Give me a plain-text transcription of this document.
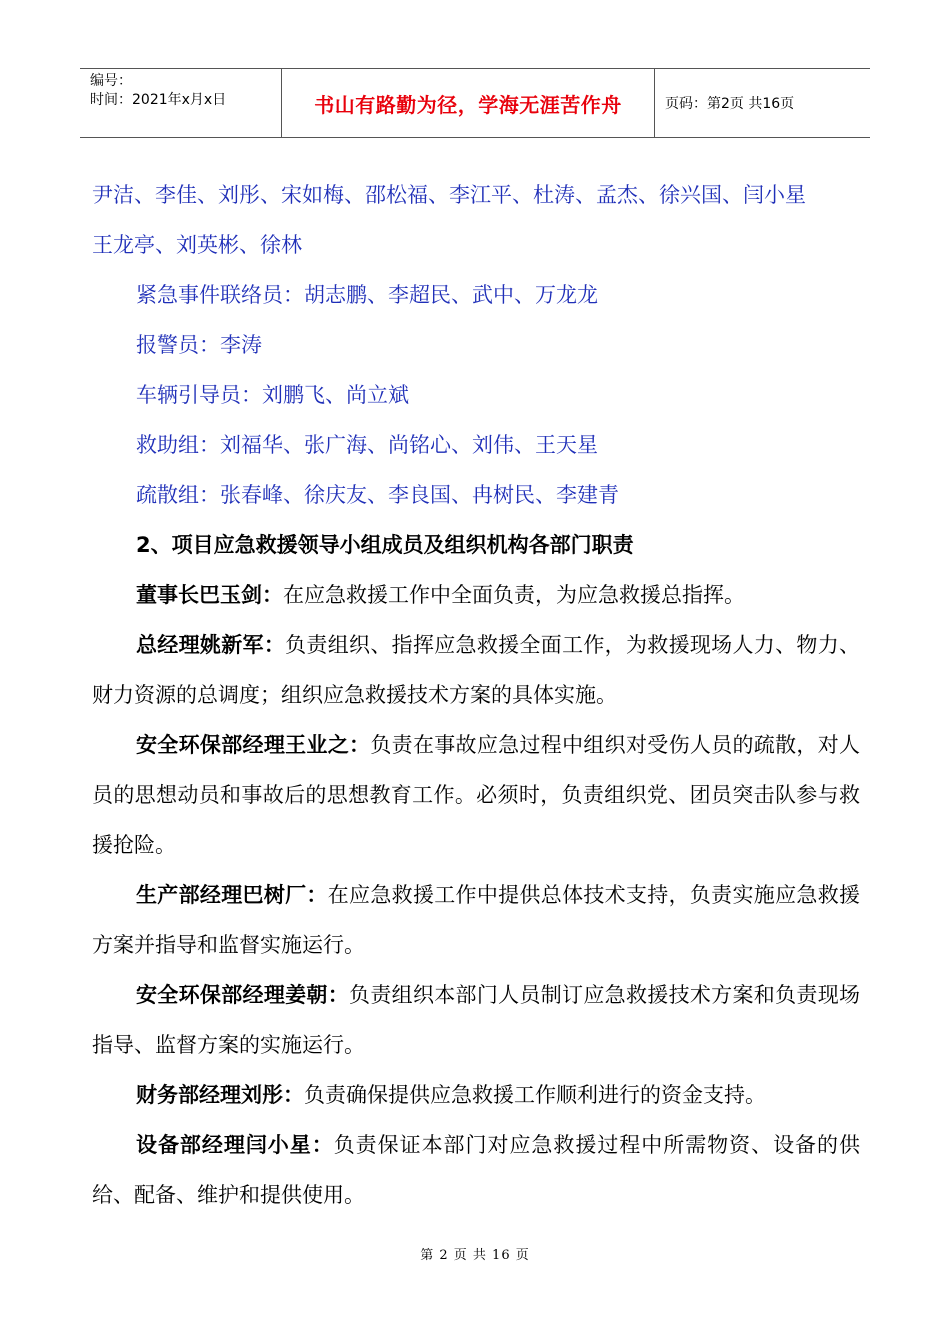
编号：
时间：2021年x月x日	书山有路勤为径，学海无涯苦作舟	页码：第2页 共16页

尹洁、李佳、刘彤、宋如梅、邵松福、李江平、杜涛、孟杰、徐兴国、闫小星

王龙亭、刘英彬、徐林

紧急事件联络员：胡志鹏、李超民、武中、万龙龙

报警员：李涛

车辆引导员：刘鹏飞、尚立斌

救助组：刘福华、张广海、尚铭心、刘伟、王天星

疏散组：张春峰、徐庆友、李良国、冉树民、李建青

2、项目应急救援领导小组成员及组织机构各部门职责

董事长巴玉剑：在应急救援工作中全面负责，为应急救援总指挥。

总经理姚新军：负责组织、指挥应急救援全面工作，为救援现场人力、物力、财力资源的总调度；组织应急救援技术方案的具体实施。

安全环保部经理王业之：负责在事故应急过程中组织对受伤人员的疏散，对人员的思想动员和事故后的思想教育工作。必须时，负责组织党、团员突击队参与救援抢险。

生产部经理巴树厂：在应急救援工作中提供总体技术支持，负责实施应急救援方案并指导和监督实施运行。

安全环保部经理姜朝：负责组织本部门人员制订应急救援技术方案和负责现场指导、监督方案的实施运行。

财务部经理刘彤：负责确保提供应急救援工作顺利进行的资金支持。

设备部经理闫小星：负责保证本部门对应急救援过程中所需物资、设备的供给、配备、维护和提供使用。

第 2 页 共 16 页
